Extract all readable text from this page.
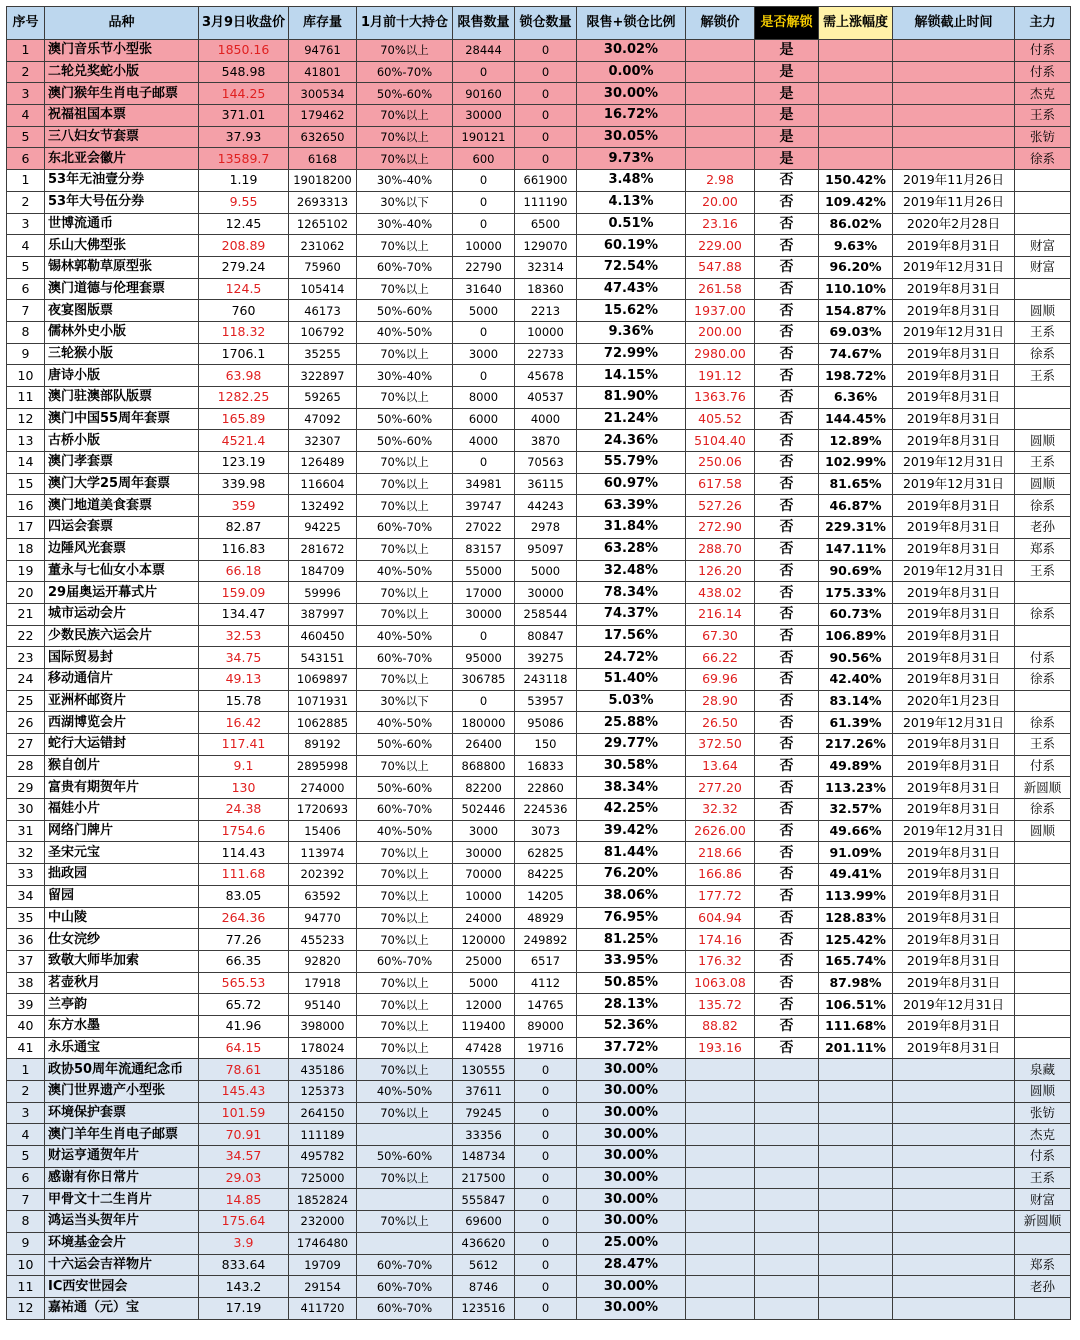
序号	品种	3月9日收盘价	库存量	1月前十大持仓	限售数量	锁仓数量	限售+锁仓比例	解锁价	是否解锁	需上涨幅度	解锁截止时间	主力
1	澳门音乐节小型张	1850.16	94761	70%以上	28444	0	30.02%		是			付系
2	二轮兑奖蛇小版	548.98	41801	60%-70%	0	0	0.00%		是			付系
3	澳门猴年生肖电子邮票	144.25	300534	50%-60%	90160	0	30.00%		是			杰克
4	祝福祖国本票	371.01	179462	70%以上	30000	0	16.72%		是			王系
5	三八妇女节套票	37.93	632650	70%以上	190121	0	30.05%		是			张钫
6	东北亚会徽片	13589.7	6168	70%以上	600	0	9.73%		是			徐系
1	53年无油壹分券	1.19	19018200	30%-40%	0	661900	3.48%	2.98	否	150.42%	2019年11月26日	
2	53年大号伍分券	9.55	2693313	30%以下	0	111190	4.13%	20.00	否	109.42%	2019年11月26日	
3	世博流通币	12.45	1265102	30%-40%	0	6500	0.51%	23.16	否	86.02%	2020年2月28日	
4	乐山大佛型张	208.89	231062	70%以上	10000	129070	60.19%	229.00	否	9.63%	2019年8月31日	财富
5	锡林郭勒草原型张	279.24	75960	60%-70%	22790	32314	72.54%	547.88	否	96.20%	2019年12月31日	财富
6	澳门道德与伦理套票	124.5	105414	70%以上	31640	18360	47.43%	261.58	否	110.10%	2019年8月31日	
7	夜宴图版票	760	46173	50%-60%	5000	2213	15.62%	1937.00	否	154.87%	2019年8月31日	圆顺
8	儒林外史小版	118.32	106792	40%-50%	0	10000	9.36%	200.00	否	69.03%	2019年12月31日	王系
9	三轮猴小版	1706.1	35255	70%以上	3000	22733	72.99%	2980.00	否	74.67%	2019年8月31日	徐系
10	唐诗小版	63.98	322897	30%-40%	0	45678	14.15%	191.12	否	198.72%	2019年8月31日	王系
11	澳门驻澳部队版票	1282.25	59265	70%以上	8000	40537	81.90%	1363.76	否	6.36%	2019年8月31日	
12	澳门中国55周年套票	165.89	47092	50%-60%	6000	4000	21.24%	405.52	否	144.45%	2019年8月31日	
13	古桥小版	4521.4	32307	50%-60%	4000	3870	24.36%	5104.40	否	12.89%	2019年8月31日	圆顺
14	澳门孝套票	123.19	126489	70%以上	0	70563	55.79%	250.06	否	102.99%	2019年12月31日	王系
15	澳门大学25周年套票	339.98	116604	70%以上	34981	36115	60.97%	617.58	否	81.65%	2019年12月31日	圆顺
16	澳门地道美食套票	359	132492	70%以上	39747	44243	63.39%	527.26	否	46.87%	2019年8月31日	徐系
17	四运会套票	82.87	94225	60%-70%	27022	2978	31.84%	272.90	否	229.31%	2019年8月31日	老孙
18	边陲风光套票	116.83	281672	70%以上	83157	95097	63.28%	288.70	否	147.11%	2019年8月31日	郑系
19	董永与七仙女小本票	66.18	184709	40%-50%	55000	5000	32.48%	126.20	否	90.69%	2019年12月31日	王系
20	29届奥运开幕式片	159.09	59996	70%以上	17000	30000	78.34%	438.02	否	175.33%	2019年8月31日	
21	城市运动会片	134.47	387997	70%以上	30000	258544	74.37%	216.14	否	60.73%	2019年8月31日	徐系
22	少数民族六运会片	32.53	460450	40%-50%	0	80847	17.56%	67.30	否	106.89%	2019年8月31日	
23	国际贸易封	34.75	543151	60%-70%	95000	39275	24.72%	66.22	否	90.56%	2019年8月31日	付系
24	移动通信片	49.13	1069897	70%以上	306785	243118	51.40%	69.96	否	42.40%	2019年8月31日	徐系
25	亚洲杯邮资片	15.78	1071931	30%以下	0	53957	5.03%	28.90	否	83.14%	2020年1月23日	
26	西湖博览会片	16.42	1062885	40%-50%	180000	95086	25.88%	26.50	否	61.39%	2019年12月31日	徐系
27	蛇行大运错封	117.41	89192	50%-60%	26400	150	29.77%	372.50	否	217.26%	2019年8月31日	王系
28	猴自创片	9.1	2895998	70%以上	868800	16833	30.58%	13.64	否	49.89%	2019年8月31日	付系
29	富贵有期贺年片	130	274000	50%-60%	82200	22860	38.34%	277.20	否	113.23%	2019年8月31日	新圆顺
30	福娃小片	24.38	1720693	60%-70%	502446	224536	42.25%	32.32	否	32.57%	2019年8月31日	徐系
31	网络门牌片	1754.6	15406	40%-50%	3000	3073	39.42%	2626.00	否	49.66%	2019年12月31日	圆顺
32	圣宋元宝	114.43	113974	70%以上	30000	62825	81.44%	218.66	否	91.09%	2019年8月31日	
33	拙政园	111.68	202392	70%以上	70000	84225	76.20%	166.86	否	49.41%	2019年8月31日	
34	留园	83.05	63592	70%以上	10000	14205	38.06%	177.72	否	113.99%	2019年8月31日	
35	中山陵	264.36	94770	70%以上	24000	48929	76.95%	604.94	否	128.83%	2019年8月31日	
36	仕女浣纱	77.26	455233	70%以上	120000	249892	81.25%	174.16	否	125.42%	2019年8月31日	
37	致敬大师毕加索	66.35	92820	60%-70%	25000	6517	33.95%	176.32	否	165.74%	2019年8月31日	
38	茗壶秋月	565.53	17918	70%以上	5000	4112	50.85%	1063.08	否	87.98%	2019年8月31日	
39	兰亭韵	65.72	95140	70%以上	12000	14765	28.13%	135.72	否	106.51%	2019年12月31日	
40	东方水墨	41.96	398000	70%以上	119400	89000	52.36%	88.82	否	111.68%	2019年8月31日	
41	永乐通宝	64.15	178024	70%以上	47428	19716	37.72%	193.16	否	201.11%	2019年8月31日	
1	政协50周年流通纪念币	78.61	435186	70%以上	130555	0	30.00%					泉藏
2	澳门世界遗产小型张	145.43	125373	40%-50%	37611	0	30.00%					圆顺
3	环境保护套票	101.59	264150	70%以上	79245	0	30.00%					张钫
4	澳门羊年生肖电子邮票	70.91	111189		33356	0	30.00%					杰克
5	财运亨通贺年片	34.57	495782	50%-60%	148734	0	30.00%					付系
6	感谢有你日常片	29.03	725000	70%以上	217500	0	30.00%					王系
7	甲骨文十二生肖片	14.85	1852824		555847	0	30.00%					财富
8	鸿运当头贺年片	175.64	232000	70%以上	69600	0	30.00%					新圆顺
9	环境基金会片	3.9	1746480		436620	0	25.00%					
10	十六运会吉祥物片	833.64	19709	60%-70%	5612	0	28.47%					郑系
11	IC西安世园会	143.2	29154	60%-70%	8746	0	30.00%					老孙
12	嘉祐通（元）宝	17.19	411720	60%-70%	123516	0	30.00%					
